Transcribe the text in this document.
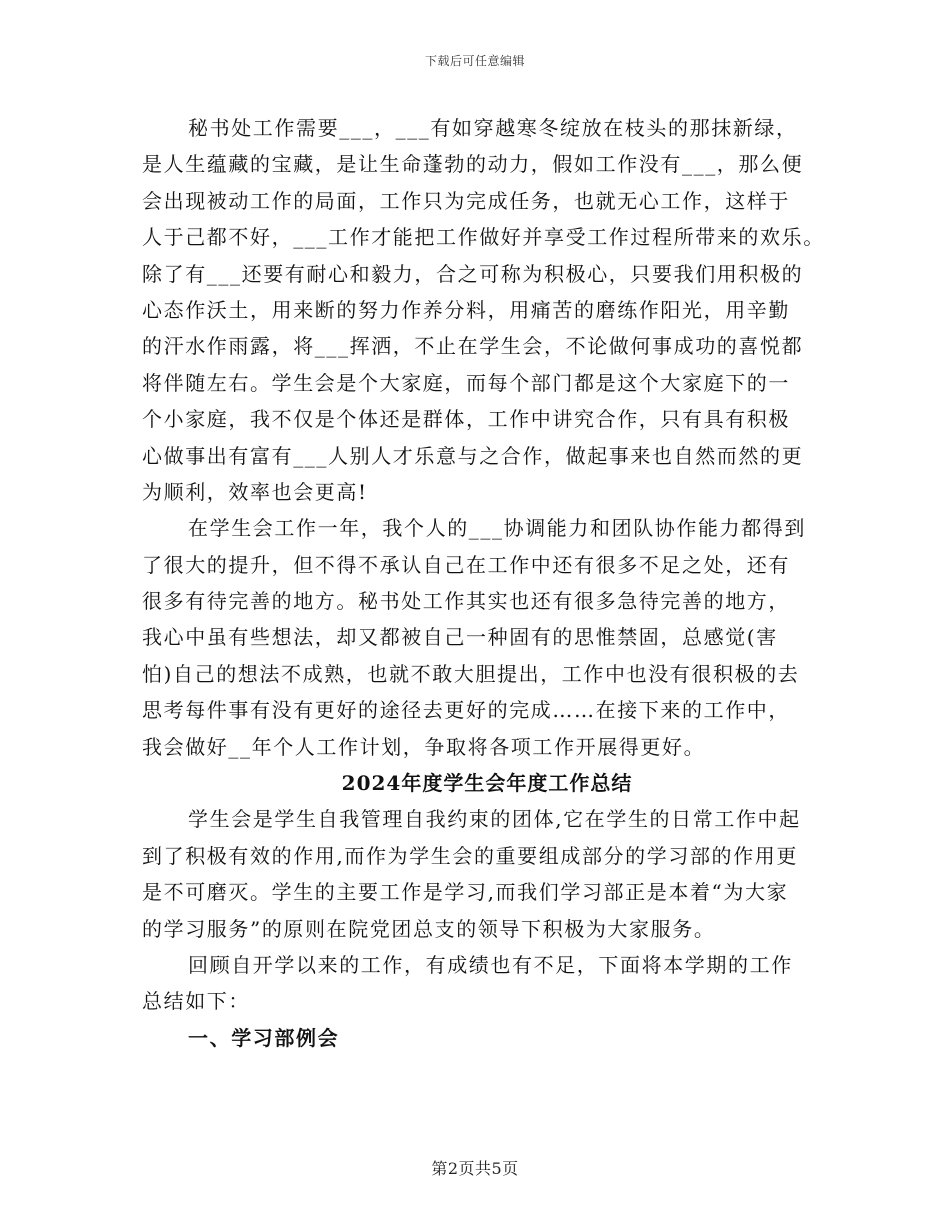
下载后可任意编辑
秘书处工作需要___，___有如穿越寒冬绽放在枝头的那抹新绿，
是人生蕴藏的宝藏，是让生命蓬勃的动力，假如工作没有___，那么便
会出现被动工作的局面，工作只为完成任务，也就无心工作，这样于
人于己都不好，___工作才能把工作做好并享受工作过程所带来的欢乐。
除了有___还要有耐心和毅力，合之可称为积极心，只要我们用积极的
心态作沃土，用来断的努力作养分料，用痛苦的磨练作阳光，用辛勤
的汗水作雨露，将___挥洒，不止在学生会，不论做何事成功的喜悦都
将伴随左右。学生会是个大家庭，而每个部门都是这个大家庭下的一
个小家庭，我不仅是个体还是群体，工作中讲究合作，只有具有积极
心做事出有富有___人别人才乐意与之合作，做起事来也自然而然的更
为顺利，效率也会更高!
在学生会工作一年，我个人的___协调能力和团队协作能力都得到
了很大的提升，但不得不承认自己在工作中还有很多不足之处，还有
很多有待完善的地方。秘书处工作其实也还有很多急待完善的地方，
我心中虽有些想法，却又都被自己一种固有的思惟禁固，总感觉(害
怕)自己的想法不成熟，也就不敢大胆提出，工作中也没有很积极的去
思考每件事有没有更好的途径去更好的完成……在接下来的工作中，
我会做好__年个人工作计划，争取将各项工作开展得更好。
2024年度学生会年度工作总结
学生会是学生自我管理自我约束的团体,它在学生的日常工作中起
到了积极有效的作用,而作为学生会的重要组成部分的学习部的作用更
是不可磨灭。学生的主要工作是学习,而我们学习部正是本着“为大家
的学习服务”的原则在院党团总支的领导下积极为大家服务。
回顾自开学以来的工作，有成绩也有不足，下面将本学期的工作
总结如下：
一、学习部例会
第2页共5页
